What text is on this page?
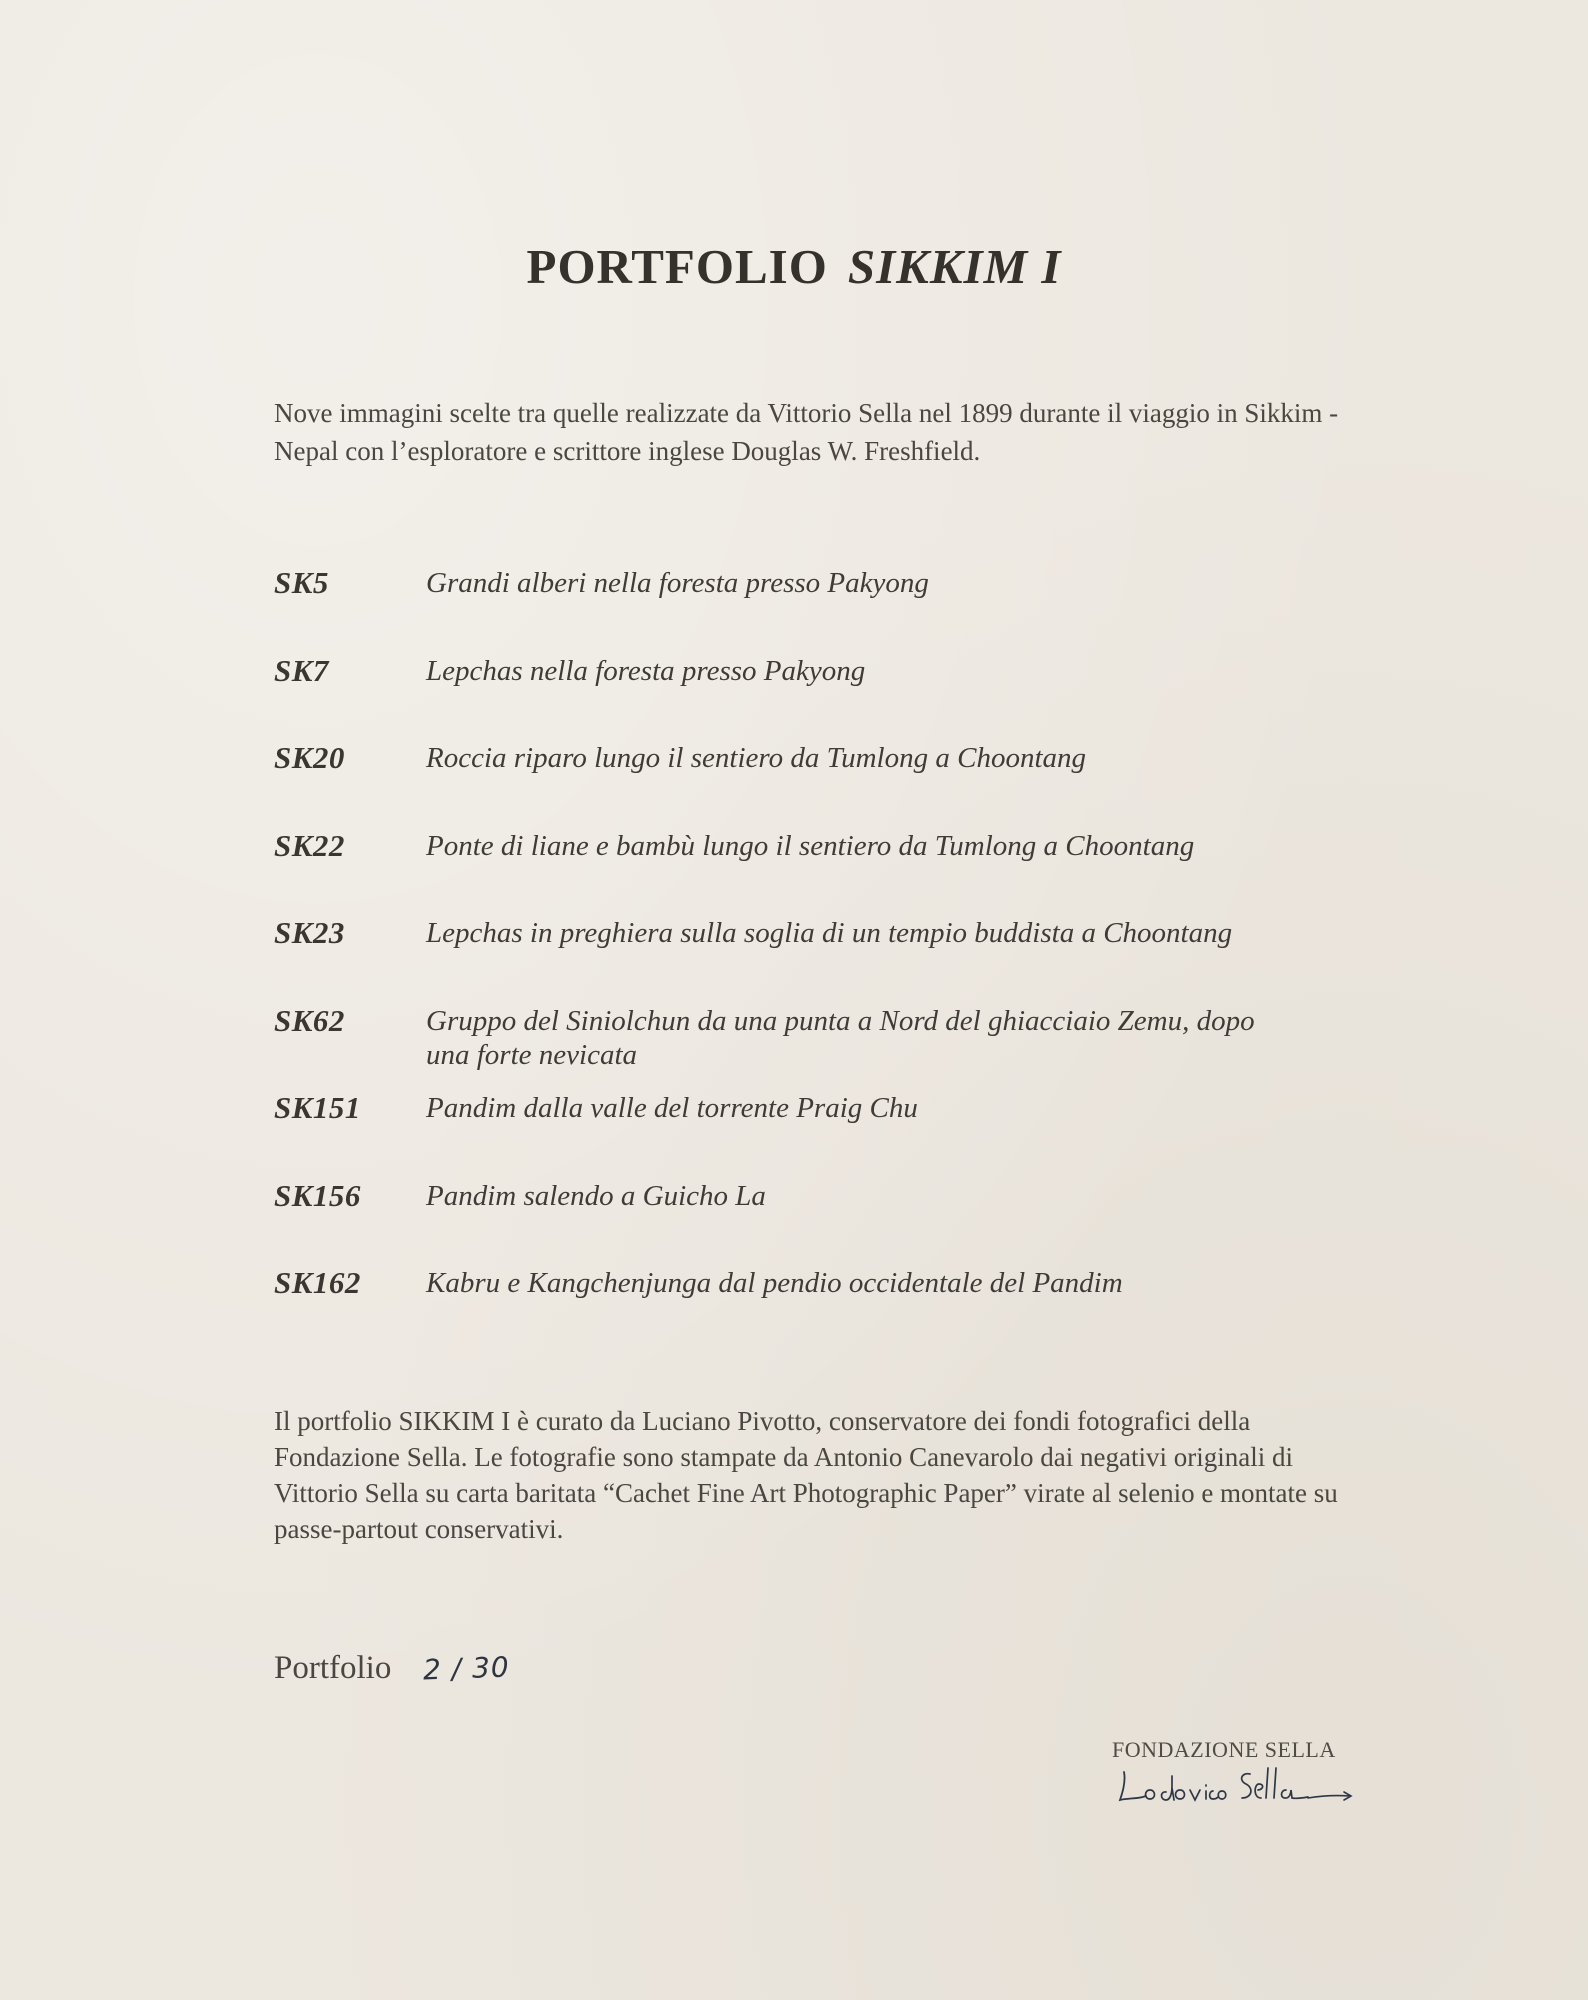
PORTFOLIO SIKKIM I

Nove immagini scelte tra quelle realizzate da Vittorio Sella nel 1899 durante il viaggio in Sikkim - Nepal con l’esploratore e scrittore inglese Douglas W. Freshfield.

SK5	Grandi alberi nella foresta presso Pakyong
SK7	Lepchas nella foresta presso Pakyong
SK20	Roccia riparo lungo il sentiero da Tumlong a Choontang
SK22	Ponte di liane e bambù lungo il sentiero da Tumlong a Choontang
SK23	Lepchas in preghiera sulla soglia di un tempio buddista a Choontang
SK62	Gruppo del Siniolchun da una punta a Nord del ghiacciaio Zemu, dopo una forte nevicata
SK151	Pandim dalla valle del torrente Praig Chu
SK156	Pandim salendo a Guicho La
SK162	Kabru e Kangchenjunga dal pendio occidentale del Pandim

Il portfolio SIKKIM I è curato da Luciano Pivotto, conservatore dei fondi fotografici della Fondazione Sella. Le fotografie sono stampate da Antonio Canevarolo dai negativi originali di Vittorio Sella su carta baritata “Cachet Fine Art Photographic Paper” virate al selenio e montate su passe-partout conservativi.

Portfolio 2 / 30
FONDAZIONE SELLA
